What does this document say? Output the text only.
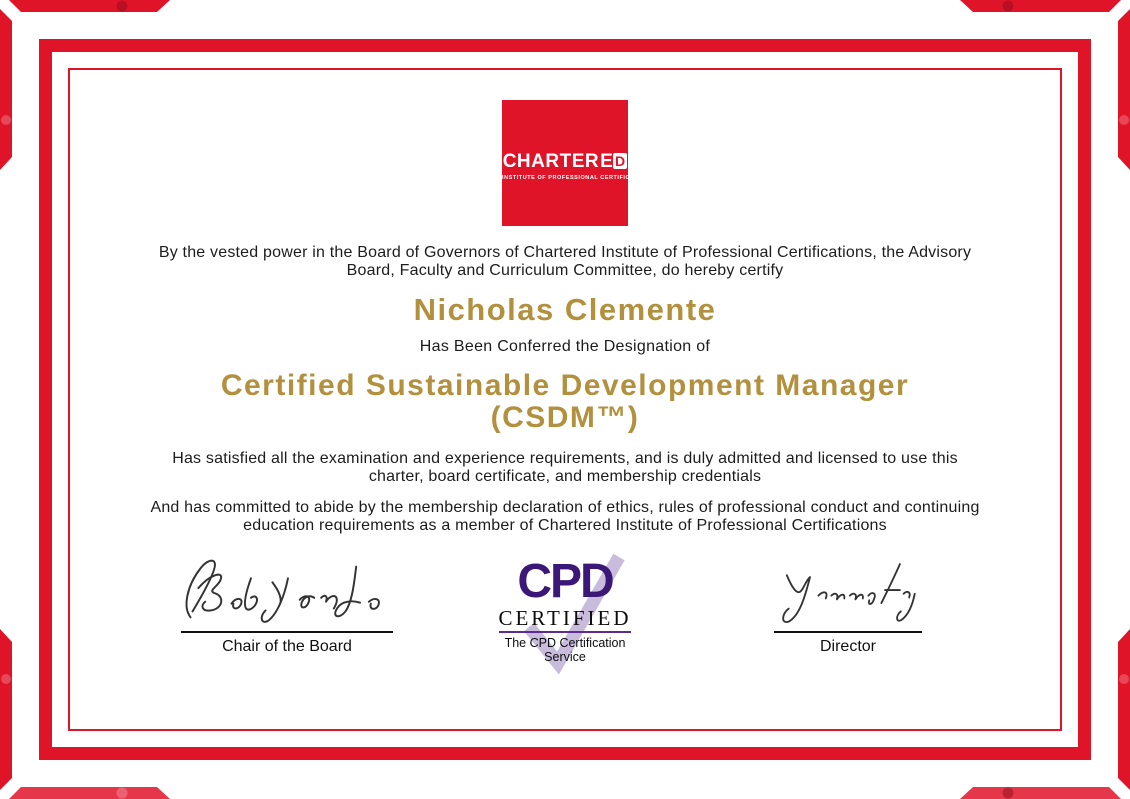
CHARTERE D
INSTITUTE OF PROFESSIONAL CERTIFICATIONS

By the vested power in the Board of Governors of Chartered Institute of Professional Certifications, the Advisory Board, Faculty and Curriculum Committee, do hereby certify

Nicholas Clemente

Has Been Conferred the Designation of

Certified Sustainable Development Manager (CSDM™)

Has satisfied all the examination and experience requirements, and is duly admitted and licensed to use this charter, board certificate, and membership credentials

And has committed to abide by the membership declaration of ethics, rules of professional conduct and continuing education requirements as a member of Chartered Institute of Professional Certifications

Chair of the Board
CPD
CERTIFIED
The CPD Certification
Service
Director
